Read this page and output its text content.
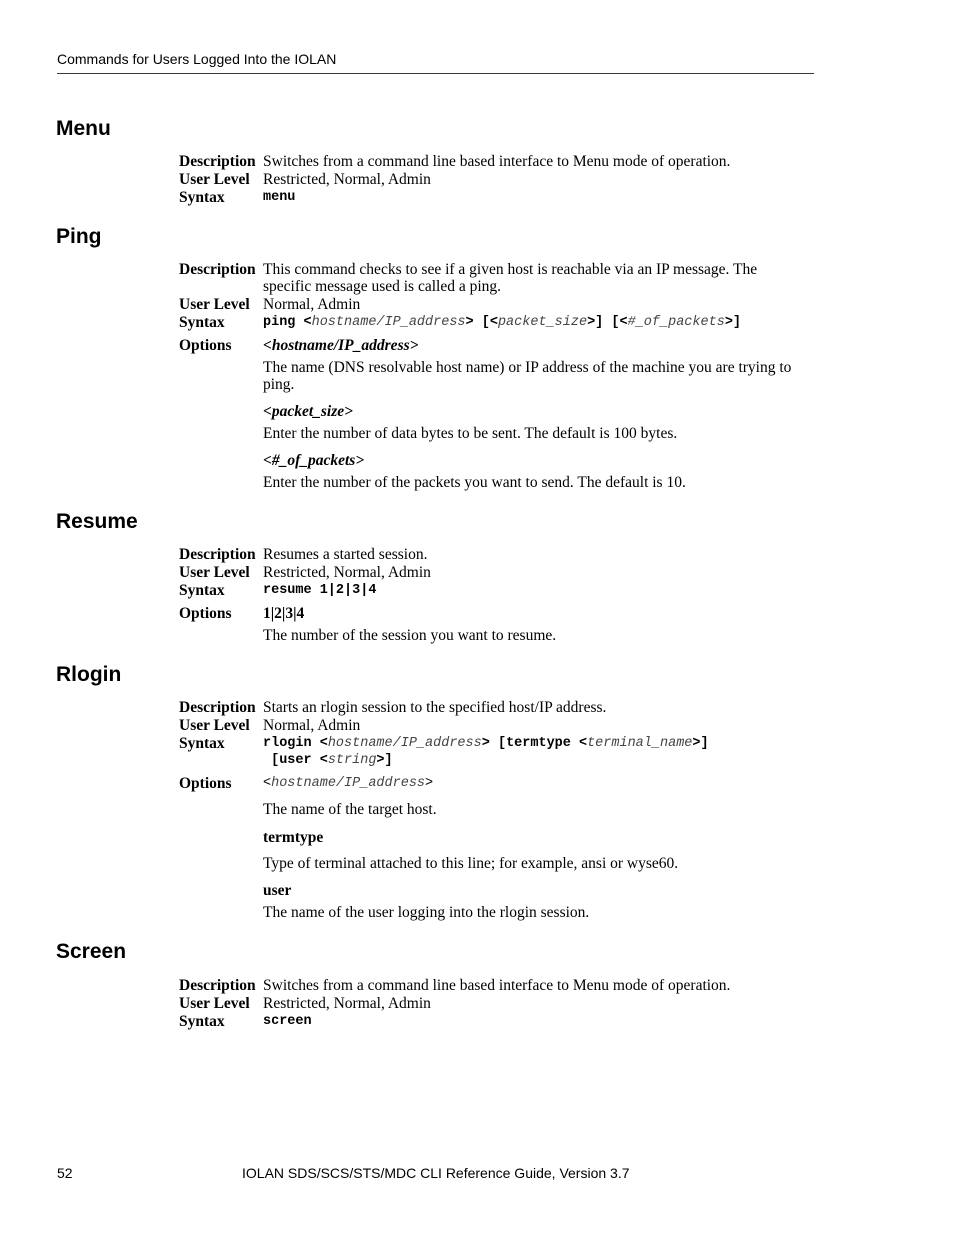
Commands for Users Logged Into the IOLAN
Menu
Description Switches from a command line based interface to Menu mode of operation.
User Level Restricted, Normal, Admin
Syntax	menu
Ping
Description This command checks to see if a given host is reachable via an IP message. The
specific message used is called a ping.
User Level Normal, Admin
Syntax	ping <hostname/IP_address> [<packet_size>] [<#_of_packets>]
Options <hostname/IP_address>
The name (DNS resolvable host name) or IP address of the machine you are trying to
ping.
<packet_size>
Enter the number of data bytes to be sent. The default is 100 bytes.
<#_of_packets>
Enter the number of the packets you want to send. The default is 10.
Resume
Description Resumes a started session.
User Level Restricted, Normal, Admin
Syntax	resume 1|2|3|4
Options 1|2|3|4
The number of the session you want to resume.
Rlogin
Description Starts an rlogin session to the specified host/IP address.
User Level Normal, Admin
Syntax	rlogin <hostname/IP_address> [termtype <terminal_name>]
[user <string>]
Options <hostname/IP_address>
The name of the target host.
termtype
Type of terminal attached to this line; for example, ansi or wyse60.
user
The name of the user logging into the rlogin session.
Screen
Description Switches from a command line based interface to Menu mode of operation.
User Level Restricted, Normal, Admin
Syntax	screen
52	IOLAN SDS/SCS/STS/MDC CLI Reference Guide, Version 3.7
